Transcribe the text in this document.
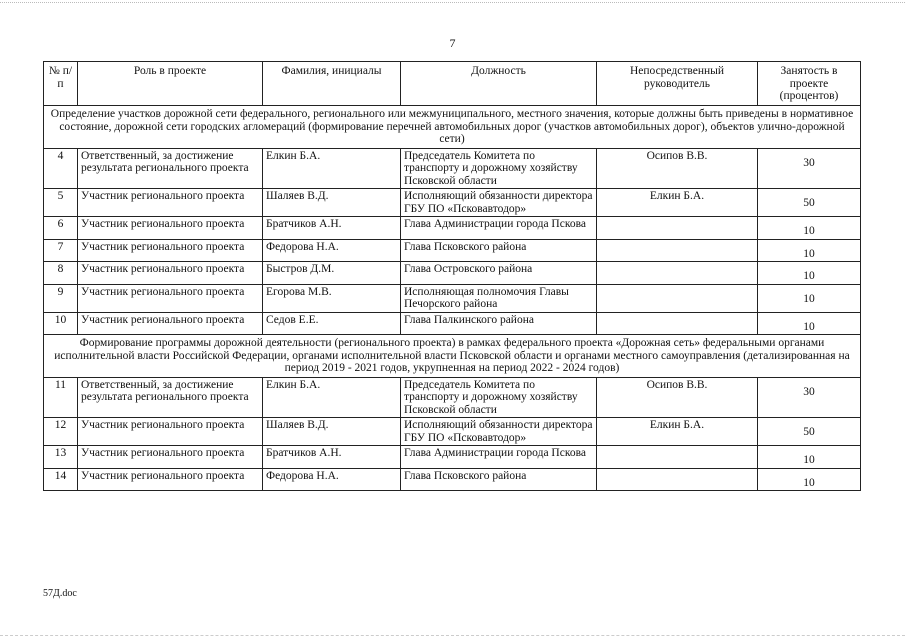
7
№ п/п	Роль в проекте	Фамилия, инициалы	Должность	Непосредственный руководитель	Занятость в проекте (процентов)
Определение участков дорожной сети федерального, регионального или межмуниципального, местного значения, которые должны быть приведены в нормативное состояние, дорожной сети городских агломераций (формирование перечней автомобильных дорог (участков автомобильных дорог), объектов улично-дорожной сети)					
4	Ответственный, за достижение результата регионального проекта	Елкин Б.А.	Председатель Комитета по транспорту и дорожному хозяйству Псковской области	Осипов В.В.	30
5	Участник регионального проекта	Шаляев В.Д.	Исполняющий обязанности директора ГБУ ПО «Псковавтодор»	Елкин Б.А.	50
6	Участник регионального проекта	Братчиков А.Н.	Глава Администрации города Пскова		10
7	Участник регионального проекта	Федорова Н.А.	Глава Псковского района		10
8	Участник регионального проекта	Быстров Д.М.	Глава Островского района		10
9	Участник регионального проекта	Егорова М.В.	Исполняющая полномочия Главы Печорского района		10
10	Участник регионального проекта	Седов Е.Е.	Глава Палкинского района		10
Формирование программы дорожной деятельности (регионального проекта) в рамках федерального проекта «Дорожная сеть» федеральными органами исполнительной власти Российской Федерации, органами исполнительной власти Псковской области и органами местного самоуправления (детализированная на период 2019 - 2021 годов, укрупненная на период 2022 - 2024 годов)					
11	Ответственный, за достижение результата регионального проекта	Елкин Б.А.	Председатель Комитета по транспорту и дорожному хозяйству Псковской области	Осипов В.В.	30
12	Участник регионального проекта	Шаляев В.Д.	Исполняющий обязанности директора ГБУ ПО «Псковавтодор»	Елкин Б.А.	50
13	Участник регионального проекта	Братчиков А.Н.	Глава Администрации города Пскова		10
14	Участник регионального проекта	Федорова Н.А.	Глава Псковского района		10
57Д.doc
